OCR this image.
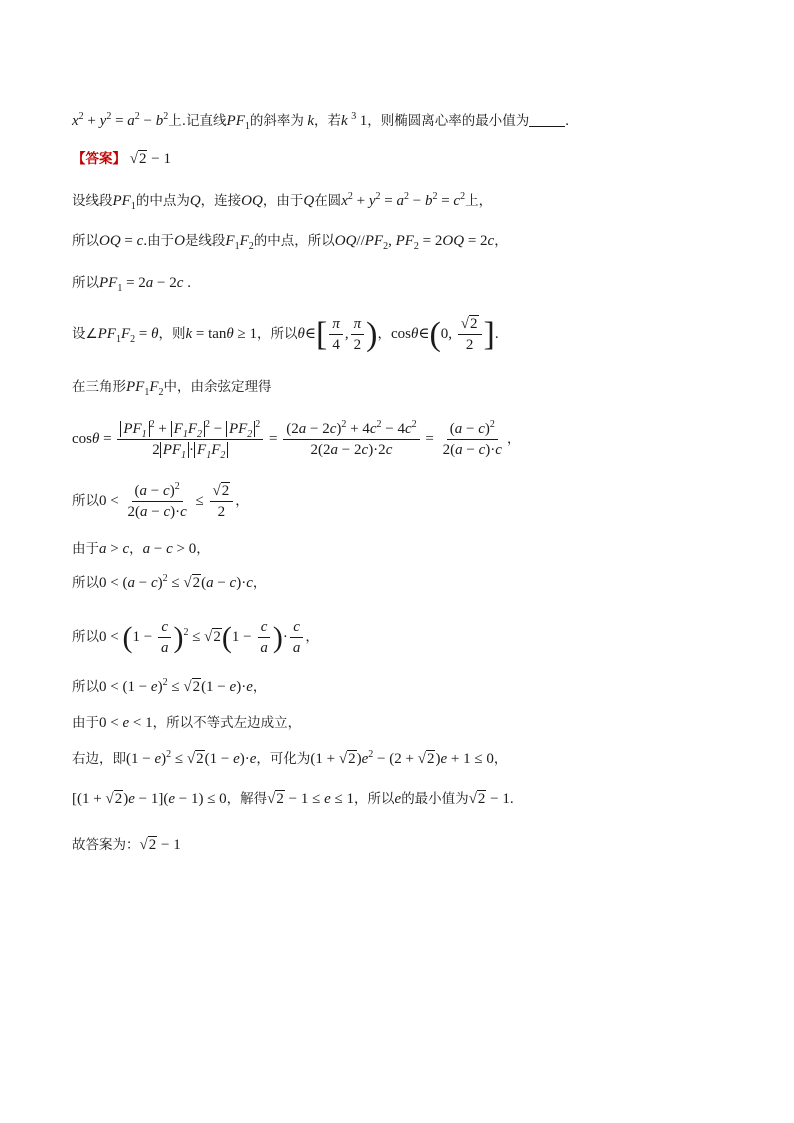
$x^2 + y^2 = a^2 - b^2$上.记直线$PF_1$的斜率为 k，若k $^3$ 1，则椭圆离心率的最小值为 .
【答案】 √2 − 1
设线段$PF_1$的中点为Q，连接OQ，由于Q在圆$x^2 + y^2 = a^2 - b^2 = c^2$上，
所以OQ = c.由于O是线段$F_1F_2$的中点，所以$OQ//PF_2$, $PF_2 = 2OQ = 2c$，
所以$PF_1 = 2a - 2c$ .
设$\angle PF_1F_2 = \theta$，则k = tanθ ≥ 1，所以θ∈[ $\frac{\pi}{4}$ , $\frac{\pi}{2}$ )，cosθ∈(0, $\frac{√2}{2}$ ].
在三角形$PF_1F_2$中，由余弦定理得
$\cos\theta = \frac{PF_1^2 + F_1F_2^2 - PF_2^2}{2 PF_1 \cdot F_1F_2} = \frac{(2a - 2c)^2 + 4c^2 - 4c^2}{2(2a - 2c)\cdot 2c} = \frac{(a - c)^2}{2(a - c)\cdot c}$ ，
所以$0 < \frac{(a - c)^2}{2(a - c)\cdot c} \le \frac{√2}{2}$ ，
由于a > c，a − c > 0，
所以$0 < (a - c)^2 \le √2(a - c)\cdot c$，
所以$0 < (1 - \frac{c}{a} )^2 \le √2(1 - \frac{c}{a}$ )· $\frac{c}{a}$ ，
所以$0 < (1 - e)^2 \le √2(1 - e)\cdot e$，
由于0 < e < 1，所以不等式左边成立，
右边，即$(1 - e)^2 \le √2(1 - e)\cdot e$，可化为$(1 + √2)e^2 - (2 + √2)e + 1 \le 0$，
[(1 + √2)e − 1](e − 1) ≤ 0，解得√2 − 1 ≤ e ≤ 1，所以e的最小值为√2 − 1.
故答案为：√2 − 1
